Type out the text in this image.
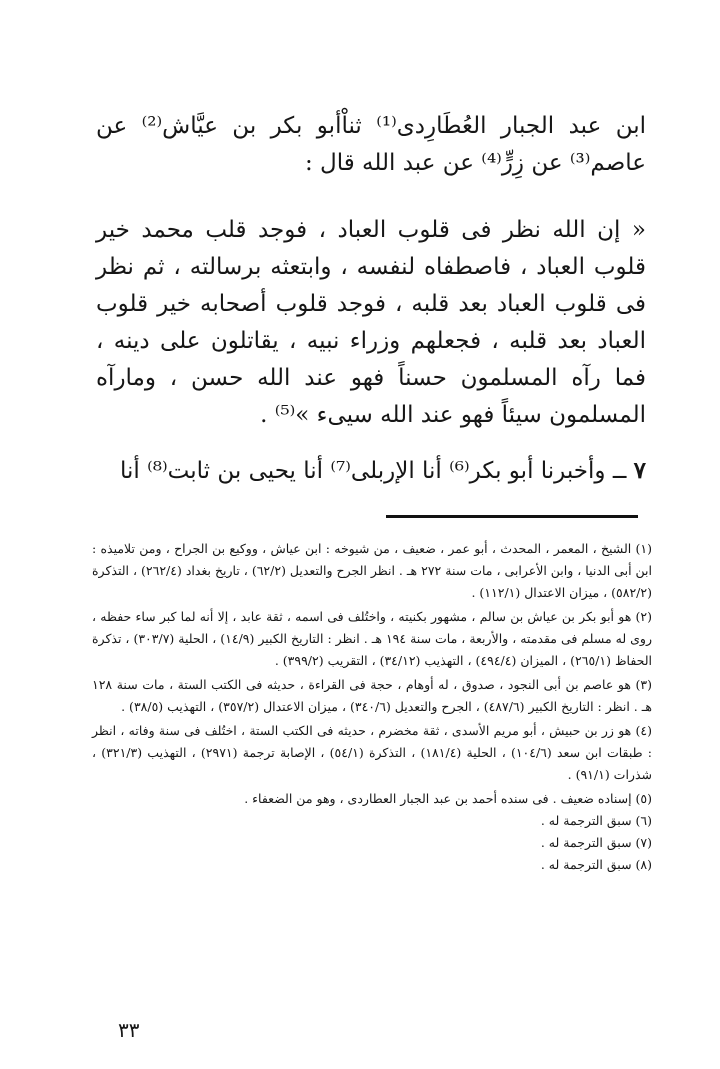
ابن عبد الجبار العُطَارِدى⁽¹⁾ ثناْأبو بكر بن عيَّاش⁽²⁾ عن عاصم⁽³⁾ عن زِرٍّ⁽⁴⁾ عن عبد الله قال :

« إن الله نظر فى قلوب العباد ، فوجد قلب محمد خير قلوب العباد ، فاصطفاه لنفسه ، وابتعثه برسالته ، ثم نظر فى قلوب العباد بعد قلبه ، فوجد قلوب أصحابه خير قلوب العباد بعد قلبه ، فجعلهم وزراء نبيه ، يقاتلون على دينه ، فما رآه المسلمون حسناً فهو عند الله حسن ، ومارآه المسلمون سيئاً فهو عند الله سيىء »⁽⁵⁾ .

٧ ــ وأخبرنا أبو بكر⁽⁶⁾ أنا الإربلى⁽⁷⁾ أنا يحيى بن ثابت⁽⁸⁾ أنا

(١) الشيخ ، المعمر ، المحدث ، أبو عمر ، ضعيف ، من شيوخه : ابن عياش ، ووكيع بن الجراح ، ومن تلاميذه : ابن أبى الدنيا ، وابن الأعرابى ، مات سنة ٢٧٢ هـ . انظر الجرح والتعديل (٦٢/٢) ، تاريخ بغداد (٢٦٢/٤) ، التذكرة (٥٨٢/٢) ، ميزان الاعتدال (١١٢/١) .

(٢) هو أبو بكر بن عياش بن سالم ، مشهور بكنيته ، واختُلف فى اسمه ، ثقة عابد ، إلا أنه لما كبر ساء حفظه ، روى له مسلم فى مقدمته ، والأربعة ، مات سنة ١٩٤ هـ . انظر : التاريخ الكبير (١٤/٩) ، الحلية (٣٠٣/٧) ، تذكرة الحفاظ (٢٦٥/١) ، الميزان (٤٩٤/٤) ، التهذيب (٣٤/١٢) ، التقريب (٣٩٩/٢) .

(٣) هو عاصم بن أبى النجود ، صدوق ، له أوهام ، حجة فى القراءة ، حديثه فى الكتب الستة ، مات سنة ١٢٨ هـ . انظر : التاريخ الكبير (٤٨٧/٦) ، الجرح والتعديل (٣٤٠/٦) ، ميزان الاعتدال (٣٥٧/٢) ، التهذيب (٣٨/٥) .

(٤) هو زر بن حبيش ، أبو مريم الأسدى ، ثقة مخضرم ، حديثه فى الكتب الستة ، اختُلف فى سنة وفاته ، انظر : طبقات ابن سعد (١٠٤/٦) ، الحلية (١٨١/٤) ، التذكرة (٥٤/١) ، الإصابة ترجمة (٢٩٧١) ، التهذيب (٣٢١/٣) ، شذرات (٩١/١) .

(٥) إسناده ضعيف . فى سنده أحمد بن عبد الجبار العطاردى ، وهو من الضعفاء .

(٦) سبق الترجمة له .

(٧) سبق الترجمة له .

(٨) سبق الترجمة له .

٣٣
